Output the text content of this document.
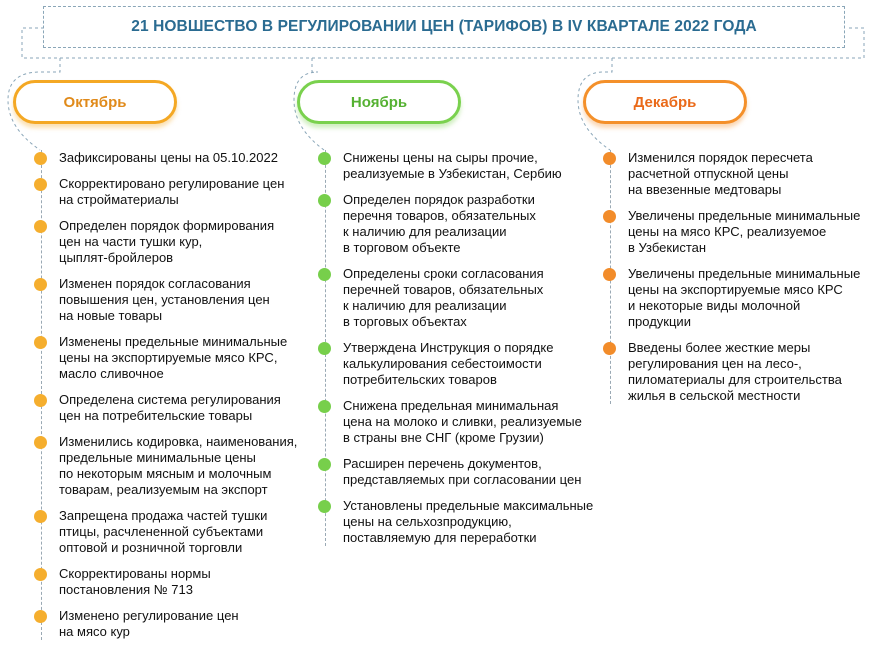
21 НОВШЕСТВО В РЕГУЛИРОВАНИИ ЦЕН (ТАРИФОВ) В IV КВАРТАЛЕ 2022 ГОДА
Октябрь	Ноябрь	Декабрь
Зафиксированы цены на 05.10.2022
Скорректировано регулирование цен
на стройматериалы
Определен порядок формирования
цен на части тушки кур,
цыплят-бройлеров
Изменен порядок согласования
повышения цен, установления цен
на новые товары
Изменены предельные минимальные
цены на экспортируемые мясо КРС,
масло сливочное
Определена система регулирования
цен на потребительские товары
Изменились кодировка, наименования,
предельные минимальные цены
по некоторым мясным и молочным
товарам, реализуемым на экспорт
Запрещена продажа частей тушки
птицы, расчлененной субъектами
оптовой и розничной торговли
Скорректированы нормы
постановления № 713
Изменено регулирование цен
на мясо кур
Снижены цены на сыры прочие,
реализуемые в Узбекистан, Сербию
Определен порядок разработки
перечня товаров, обязательных
к наличию для реализации
в торговом объекте
Определены сроки согласования
перечней товаров, обязательных
к наличию для реализации
в торговых объектах
Утверждена Инструкция о порядке
калькулирования себестоимости
потребительских товаров
Снижена предельная минимальная
цена на молоко и сливки, реализуемые
в страны вне СНГ (кроме Грузии)
Расширен перечень документов,
представляемых при согласовании цен
Установлены предельные максимальные
цены на сельхозпродукцию,
поставляемую для переработки
Изменился порядок пересчета
расчетной отпускной цены
на ввезенные медтовары
Увеличены предельные минимальные
цены на мясо КРС, реализуемое
в Узбекистан
Увеличены предельные минимальные
цены на экспортируемые мясо КРС
и некоторые виды молочной
продукции
Введены более жесткие меры
регулирования цен на лесо-,
пиломатериалы для строительства
жилья в сельской местности
